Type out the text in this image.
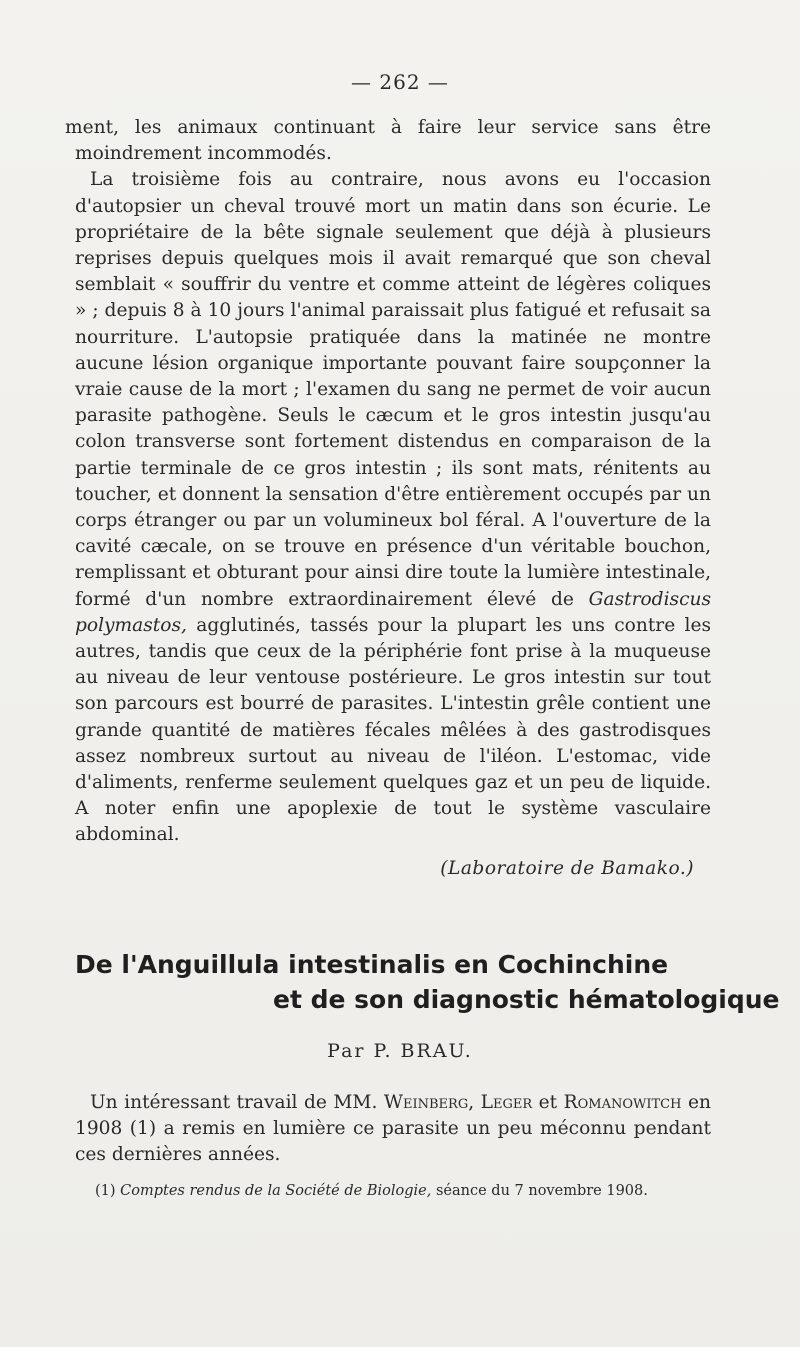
— 262 —

ment, les animaux continuant à faire leur service sans être moindrement incommodés.

La troisième fois au contraire, nous avons eu l'occasion d'autopsier un cheval trouvé mort un matin dans son écurie. Le propriétaire de la bête signale seulement que déjà à plusieurs reprises depuis quelques mois il avait remarqué que son cheval semblait « souffrir du ventre et comme atteint de légères coliques » ; depuis 8 à 10 jours l'animal paraissait plus fatigué et refusait sa nourriture. L'autopsie pratiquée dans la matinée ne montre aucune lésion organique importante pouvant faire soupçonner la vraie cause de la mort ; l'examen du sang ne permet de voir aucun parasite pathogène. Seuls le cæcum et le gros intestin jusqu'au colon transverse sont fortement distendus en comparaison de la partie terminale de ce gros intestin ; ils sont mats, rénitents au toucher, et donnent la sensation d'être entièrement occupés par un corps étranger ou par un volumineux bol féral. A l'ouverture de la cavité cæcale, on se trouve en présence d'un véritable bouchon, remplissant et obturant pour ainsi dire toute la lumière intestinale, formé d'un nombre extraordinairement élevé de Gastrodiscus polymastos, agglutinés, tassés pour la plupart les uns contre les autres, tandis que ceux de la périphérie font prise à la muqueuse au niveau de leur ventouse postérieure. Le gros intestin sur tout son parcours est bourré de parasites. L'intestin grêle contient une grande quantité de matières fécales mêlées à des gastrodisques assez nombreux surtout au niveau de l'iléon. L'estomac, vide d'aliments, renferme seulement quelques gaz et un peu de liquide. A noter enfin une apoplexie de tout le système vasculaire abdominal.

(Laboratoire de Bamako.)
De l'Anguillula intestinalis en Cochinchine
et de son diagnostic hématologique
Par P. BRAU.

Un intéressant travail de MM. Weinberg, Leger et Romanowitch en 1908 (1) a remis en lumière ce parasite un peu méconnu pendant ces dernières années.

(1) Comptes rendus de la Société de Biologie, séance du 7 novembre 1908.
